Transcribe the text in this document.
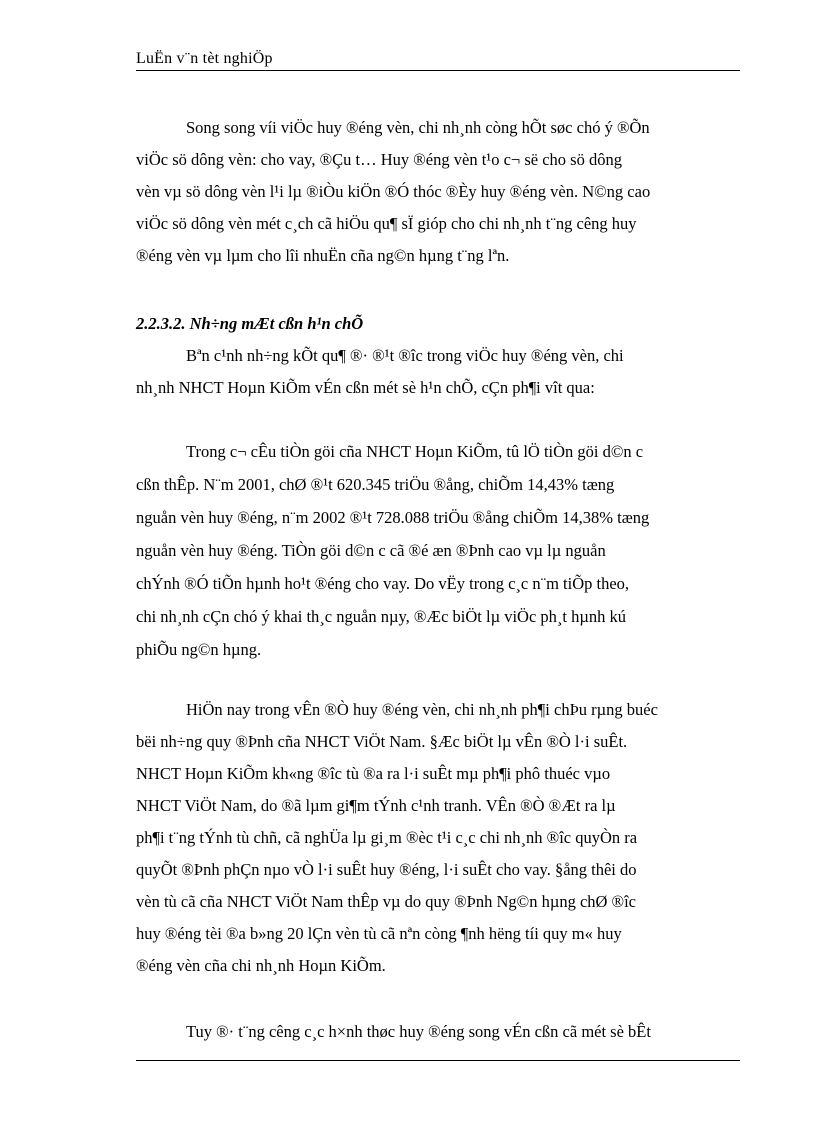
LuËn v¨n tèt nghiÖp
Song song víi viÖc huy ®éng vèn, chi nh¸nh còng hÕt søc chó ý ®Õn
viÖc sö dông vèn: cho vay, ®Çu t… Huy ®éng vèn t¹o c¬ së cho sö dông
vèn vµ sö dông vèn l¹i lµ ®iÒu kiÖn ®Ó thóc ®Èy huy ®éng vèn. N©ng cao
viÖc sö dông vèn mét c¸ch cã hiÖu qu¶ sÏ gióp cho chi nh¸nh t¨ng cêng huy
®éng vèn vµ lµm cho lîi nhuËn cña ng©n hµng t¨ng lªn.
2.2.3.2. Nh÷ng mÆt cßn h¹n chÕ
Bªn c¹nh nh÷ng kÕt qu¶ ®· ®¹t ®îc trong viÖc huy ®éng vèn, chi
nh¸nh NHCT Hoµn KiÕm vÉn cßn mét sè h¹n chÕ, cÇn ph¶i vît qua:
Trong c¬ cÊu tiÒn göi cña NHCT Hoµn KiÕm, tû lÖ tiÒn göi d©n c
cßn thÊp. N¨m 2001, chØ ®¹t 620.345 triÖu ®ång, chiÕm 14,43% tæng
nguån vèn huy ®éng, n¨m 2002 ®¹t 728.088 triÖu ®ång chiÕm 14,38% tæng
nguån vèn huy ®éng. TiÒn göi d©n c cã ®é æn ®Þnh cao vµ lµ nguån
chÝnh ®Ó tiÕn hµnh ho¹t ®éng cho vay. Do vËy trong c¸c n¨m tiÕp theo,
chi nh¸nh cÇn chó ý khai th¸c nguån nµy, ®Æc biÖt lµ viÖc ph¸t hµnh kú
phiÕu ng©n hµng.
HiÖn nay trong vÊn ®Ò huy ®éng vèn, chi nh¸nh ph¶i chÞu rµng buéc
bëi nh÷ng quy ®Þnh cña NHCT ViÖt Nam. §Æc biÖt lµ vÊn ®Ò l·i suÊt.
NHCT Hoµn KiÕm kh«ng ®îc tù ®a ra l·i suÊt mµ ph¶i phô thuéc vµo
NHCT ViÖt Nam, do ®ã lµm gi¶m tÝnh c¹nh tranh. VÊn ®Ò ®Æt ra lµ
ph¶i t¨ng tÝnh tù chñ, cã nghÜa lµ gi¸m ®èc t¹i c¸c chi nh¸nh ®îc quyÒn ra
quyÕt ®Þnh phÇn nµo vÒ l·i suÊt huy ®éng, l·i suÊt cho vay. §ång thêi do
vèn tù cã cña NHCT ViÖt Nam thÊp vµ do quy ®Þnh Ng©n hµng chØ ®îc
huy ®éng tèi ®a b»ng 20 lÇn vèn tù cã nªn còng ¶nh hëng tíi quy m« huy
®éng vèn cña chi nh¸nh Hoµn KiÕm.
Tuy ®· t¨ng cêng c¸c h×nh thøc huy ®éng song vÉn cßn cã mét sè bÊt
